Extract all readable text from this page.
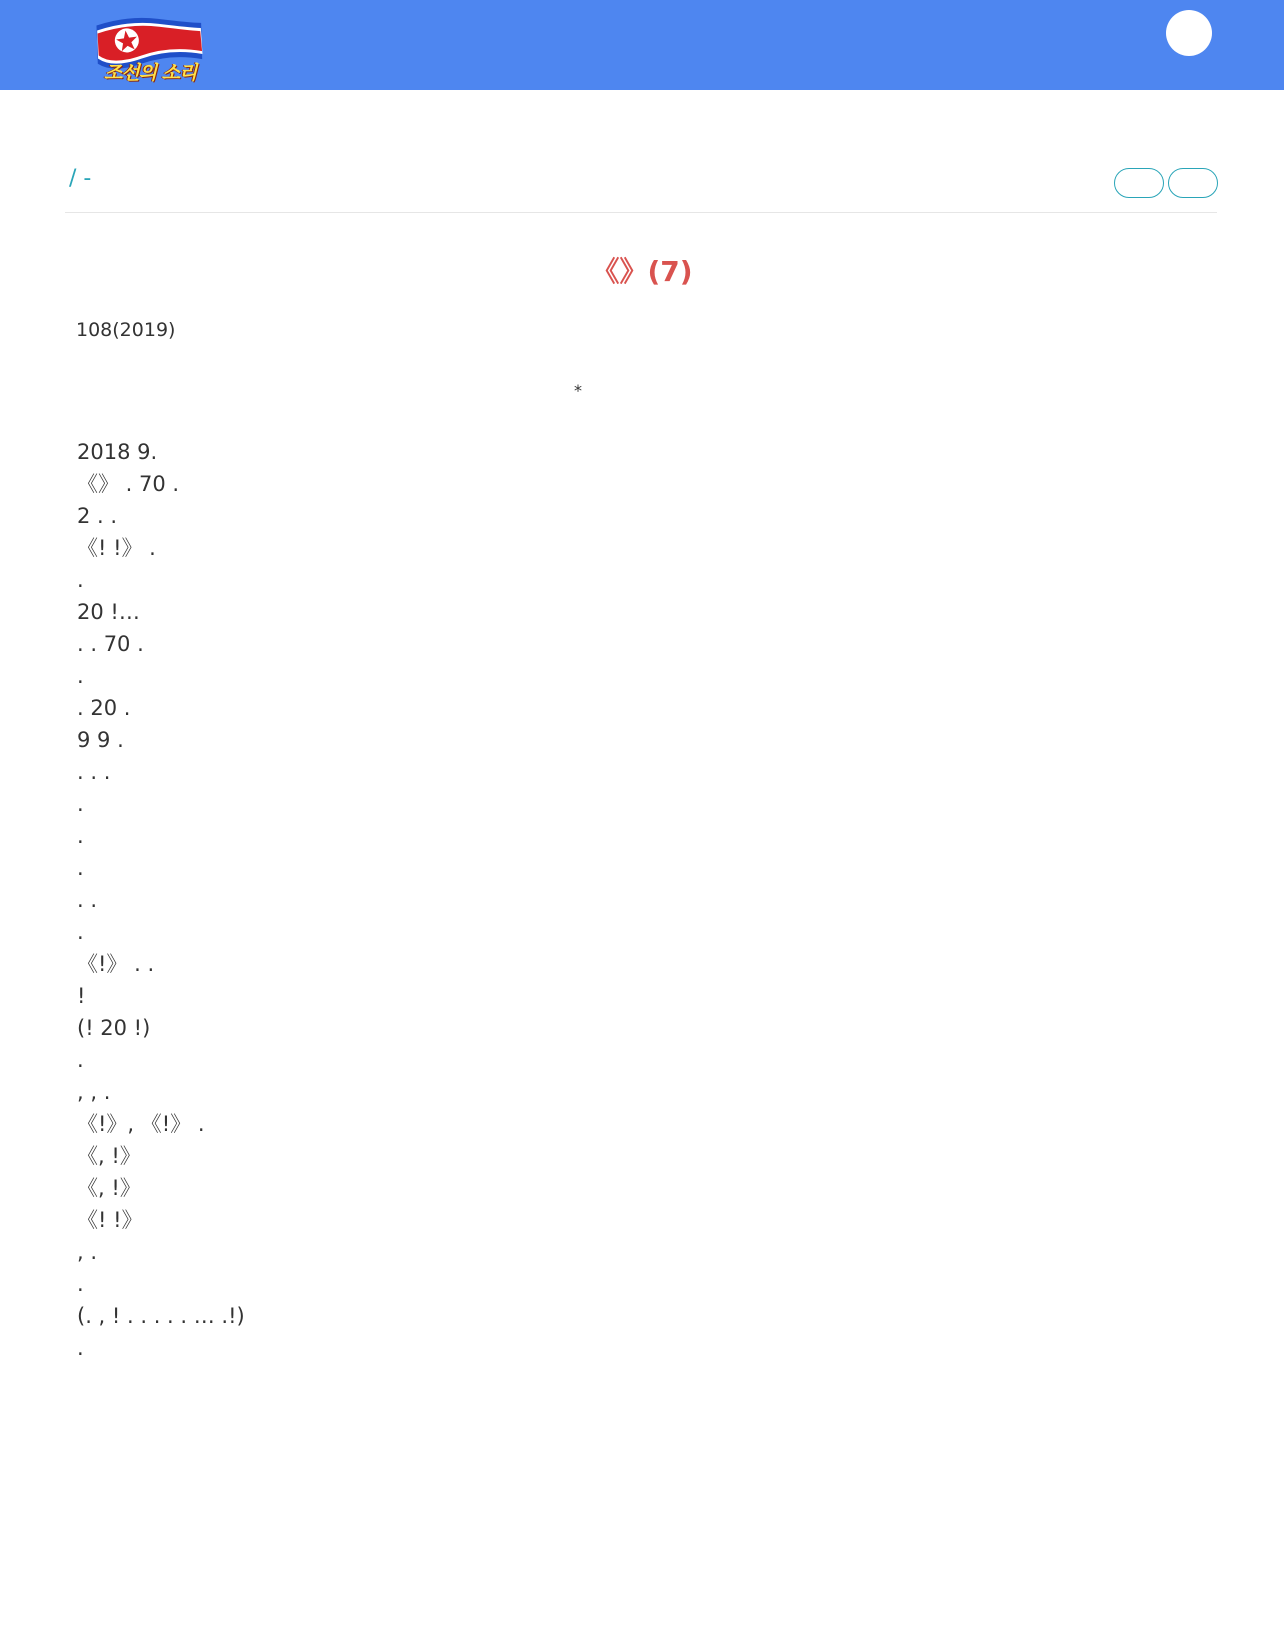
조선의 소리
/ -
《》(7)
108(2019)
*

2018 9.

《》 . 70 .

2 . .

《! !》 .

.

20 !…

. . 70 .

.

. 20 .

9 9 .

. . .

.

.

.

. .

.

《!》 . .

!

(! 20 !)

.

, , .

《!》, 《!》 .

《, !》

《, !》

《! !》

, .

.

(. , ! . . . . . … .!)

.
